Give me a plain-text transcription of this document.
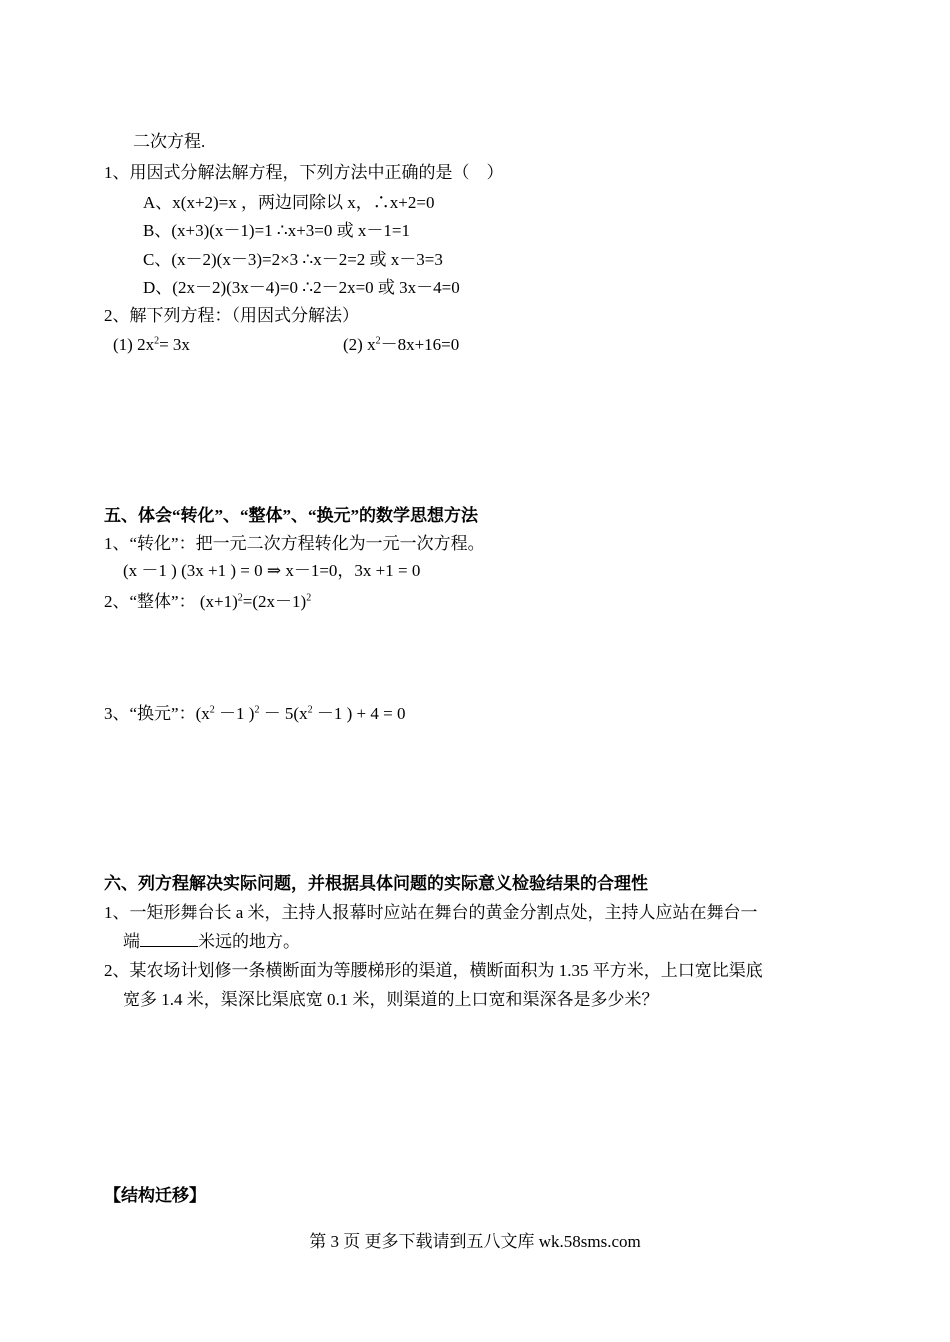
二次方程.
1、用因式分解法解方程，下列方法中正确的是（　）
A、x(x+2)=x ，两边同除以 x，∴x+2=0
B、(x+3)(x－1)=1 ∴x+3=0 或 x－1=1
C、(x－2)(x－3)=2×3 ∴x－2=2 或 x－3=3
D、(2x－2)(3x－4)=0 ∴2－2x=0 或 3x－4=0
2、解下列方程：（用因式分解法）
(1) $2x^2= 3x$	(2) $x^2-8x+16=0$
五、体会“转化”、“整体”、“换元”的数学思想方法
1、“转化”：把一元二次方程转化为一元一次方程。
(x －1 ) (3x +1 ) = 0 ⇒ x－1=0，3x +1 = 0
2、“整体”： $(x+1)^2=(2x-1)^2$
3、“换元”：($x^2 -1$ )$^2 - 5(x^2 -1$ ) + 4 = 0
六、列方程解决实际问题，并根据具体问题的实际意义检验结果的合理性
1、一矩形舞台长 a 米，主持人报幕时应站在舞台的黄金分割点处，主持人应站在舞台一
端	米远的地方。
2、某农场计划修一条横断面为等腰梯形的渠道，横断面积为 1.35 平方米，上口宽比渠底
宽多 1.4 米，渠深比渠底宽 0.1 米，则渠道的上口宽和渠深各是多少米？
【结构迁移】
第 3 页 更多下载请到五八文库 wk.58sms.com
